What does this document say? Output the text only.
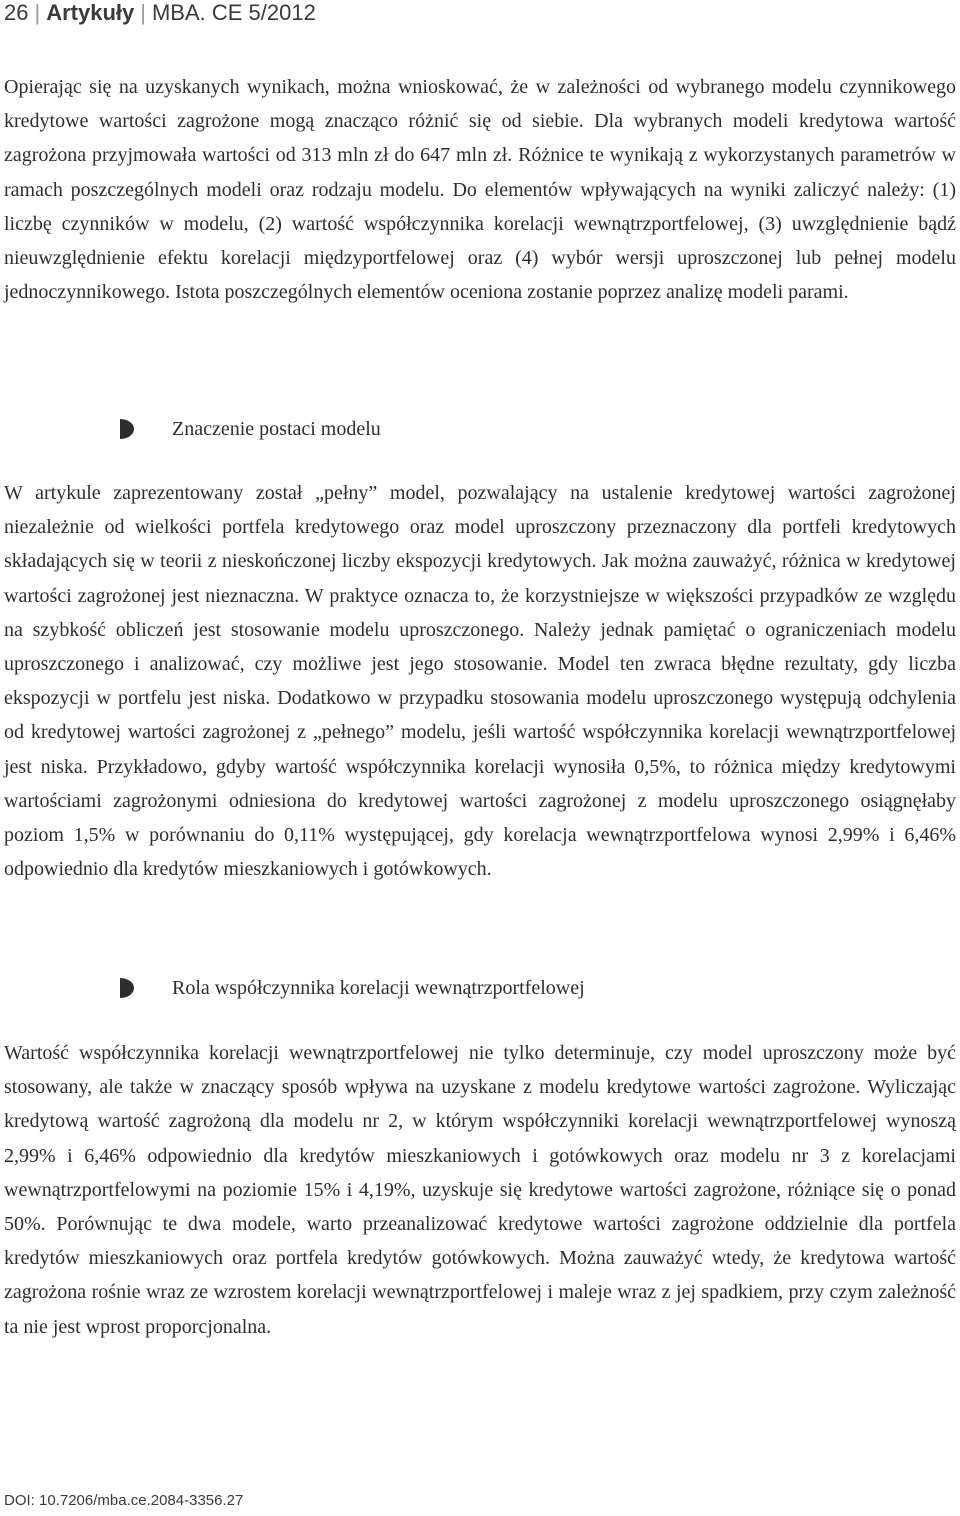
26 | Artykuły | MBA. CE 5/2012

Opierając się na uzyskanych wynikach, można wnioskować, że w zależności od wybranego modelu czynnikowego kredytowe wartości zagrożone mogą znacząco różnić się od siebie. Dla wybranych modeli kredytowa wartość zagrożona przyjmowała wartości od 313 mln zł do 647 mln zł. Różnice te wynikają z wykorzystanych parametrów w ramach poszczególnych modeli oraz rodzaju modelu. Do elementów wpływających na wyniki zaliczyć należy: (1) liczbę czynników w modelu, (2) wartość współczynnika korelacji wewnątrzportfelowej, (3) uwzględnienie bądź nieuwzględnienie efektu korelacji międzyportfelowej oraz (4) wybór wersji uproszczonej lub pełnej modelu jednoczynnikowego. Istota poszczególnych elementów oceniona zostanie poprzez analizę modeli parami.

Znaczenie postaci modelu

W artykule zaprezentowany został „pełny” model, pozwalający na ustalenie kredytowej wartości zagrożonej niezależnie od wielkości portfela kredytowego oraz model uproszczony przeznaczony dla portfeli kredytowych składających się w teorii z nieskończonej liczby ekspozycji kredytowych. Jak można zauważyć, różnica w kredytowej wartości zagrożonej jest nieznaczna. W praktyce oznacza to, że korzystniejsze w większości przypadków ze względu na szybkość obliczeń jest stosowanie modelu uproszczonego. Należy jednak pamiętać o ograniczeniach modelu uproszczonego i analizować, czy możliwe jest jego stosowanie. Model ten zwraca błędne rezultaty, gdy liczba ekspozycji w portfelu jest niska. Dodatkowo w przypadku stosowania modelu uproszczonego występują odchylenia od kredytowej wartości zagrożonej z „pełnego” modelu, jeśli wartość współczynnika korelacji wewnątrzportfelowej jest niska. Przykładowo, gdyby wartość współczynnika korelacji wynosiła 0,5%, to różnica między kredytowymi wartościami zagrożonymi odniesiona do kredytowej wartości zagrożonej z modelu uproszczonego osiągnęłaby poziom 1,5% w porównaniu do 0,11% występującej, gdy korelacja wewnątrzportfelowa wynosi 2,99% i 6,46% odpowiednio dla kredytów mieszkaniowych i gotówkowych.

Rola współczynnika korelacji wewnątrzportfelowej

Wartość współczynnika korelacji wewnątrzportfelowej nie tylko determinuje, czy model uproszczony może być stosowany, ale także w znaczący sposób wpływa na uzyskane z modelu kredytowe wartości zagrożone. Wyliczając kredytową wartość zagrożoną dla modelu nr 2, w którym współczynniki korelacji wewnątrzportfelowej wynoszą 2,99% i 6,46% odpowiednio dla kredytów mieszkaniowych i gotówkowych oraz modelu nr 3 z korelacjami wewnątrzportfelowymi na poziomie 15% i 4,19%, uzyskuje się kredytowe wartości zagrożone, różniące się o ponad 50%. Porównując te dwa modele, warto przeanalizować kredytowe wartości zagrożone oddzielnie dla portfela kredytów mieszkaniowych oraz portfela kredytów gotówkowych. Można zauważyć wtedy, że kredytowa wartość zagrożona rośnie wraz ze wzrostem korelacji wewnątrzportfelowej i maleje wraz z jej spadkiem, przy czym zależność ta nie jest wprost proporcjonalna.

DOI: 10.7206/mba.ce.2084-3356.27
